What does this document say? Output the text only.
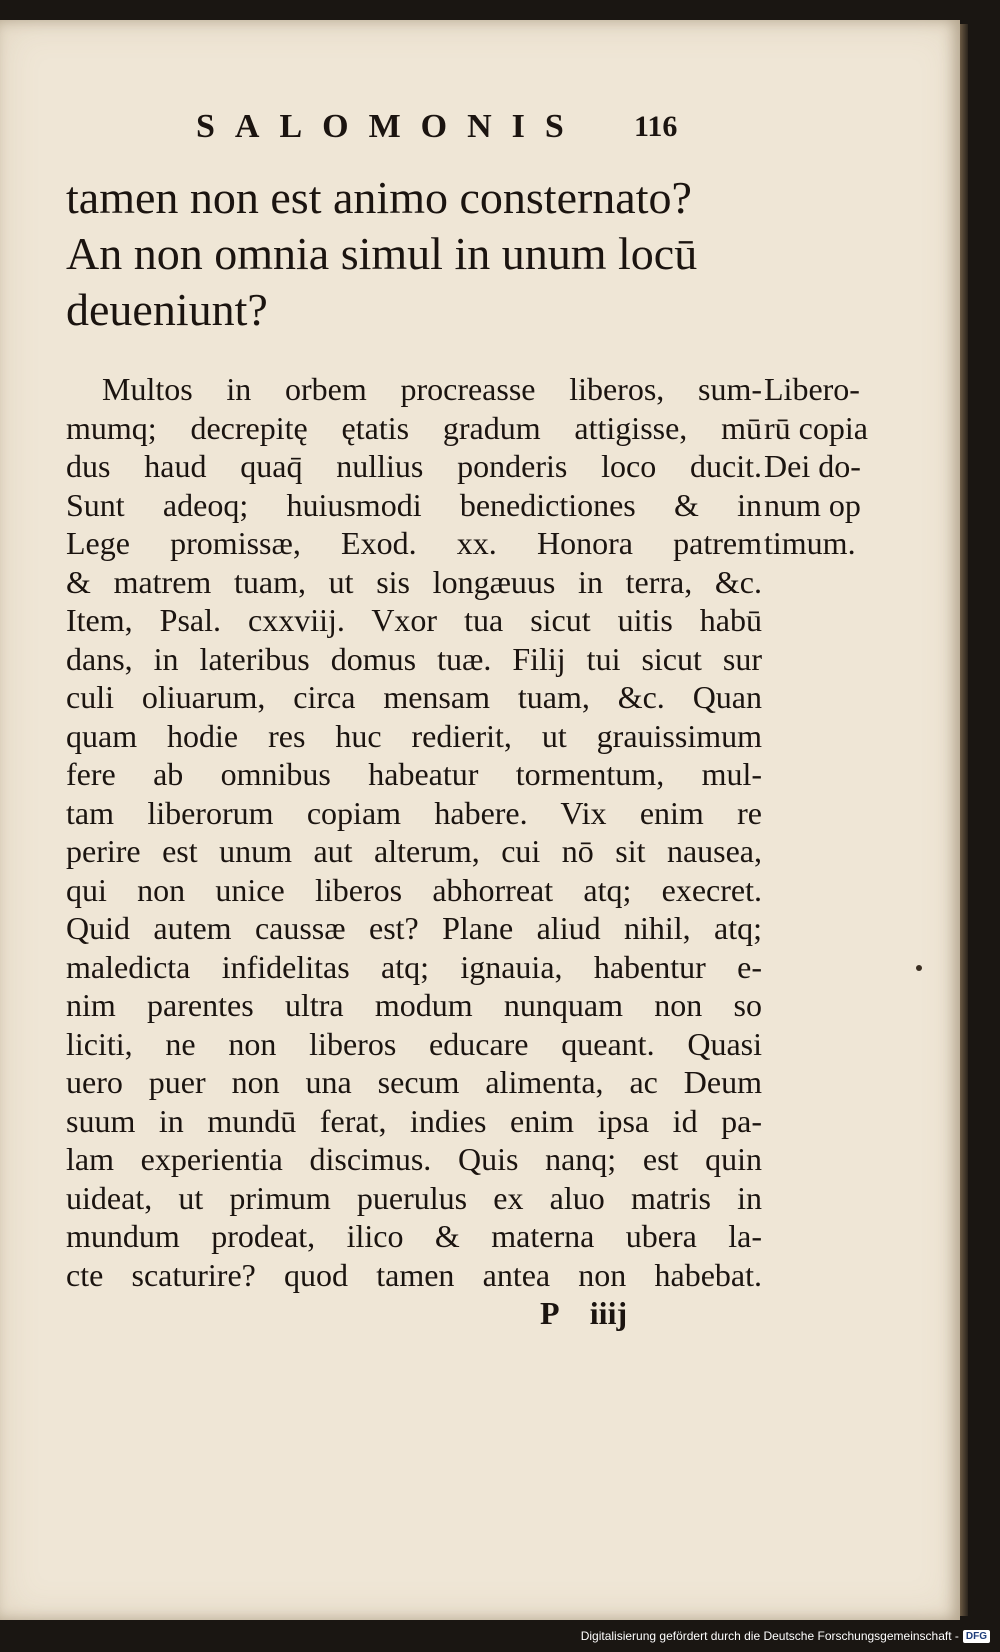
SALOMONIS 116
tamen non est animo consternato?
An non omnia simul in unum locū
deueniunt?
Multos in orbem procreasse liberos, sum-
mumq; decrepitę ętatis gradum attigisse, mū
dus haud quaq̄ nullius ponderis loco ducit.
Sunt adeoq; huiusmodi benedictiones & in
Lege promissæ, Exod. xx. Honora patrem
& matrem tuam, ut sis longæuus in terra, &c.
Item, Psal. cxxviij. Vxor tua sicut uitis habū
dans, in lateribus domus tuæ. Filij tui sicut sur
culi oliuarum, circa mensam tuam, &c. Quan
quam hodie res huc redierit, ut grauissimum
fere ab omnibus habeatur tormentum, mul-
tam liberorum copiam habere. Vix enim re
perire est unum aut alterum, cui nō sit nausea,
qui non unice liberos abhorreat atq; execret.
Quid autem caussæ est? Plane aliud nihil, atq;
maledicta infidelitas atq; ignauia, habentur e-
nim parentes ultra modum nunquam non so
liciti, ne non liberos educare queant. Quasi
uero puer non una secum alimenta, ac Deum
suum in mundū ferat, indies enim ipsa id pa-
lam experientia discimus. Quis nanq; est quin
uideat, ut primum puerulus ex aluo matris in
mundum prodeat, ilico & materna ubera la-
cte scaturire? quod tamen antea non habebat.
Libero-
rū copia
Dei do-
num op
timum.
P iiij
Digitalisierung gefördert durch die Deutsche Forschungsgemeinschaft - DFG
